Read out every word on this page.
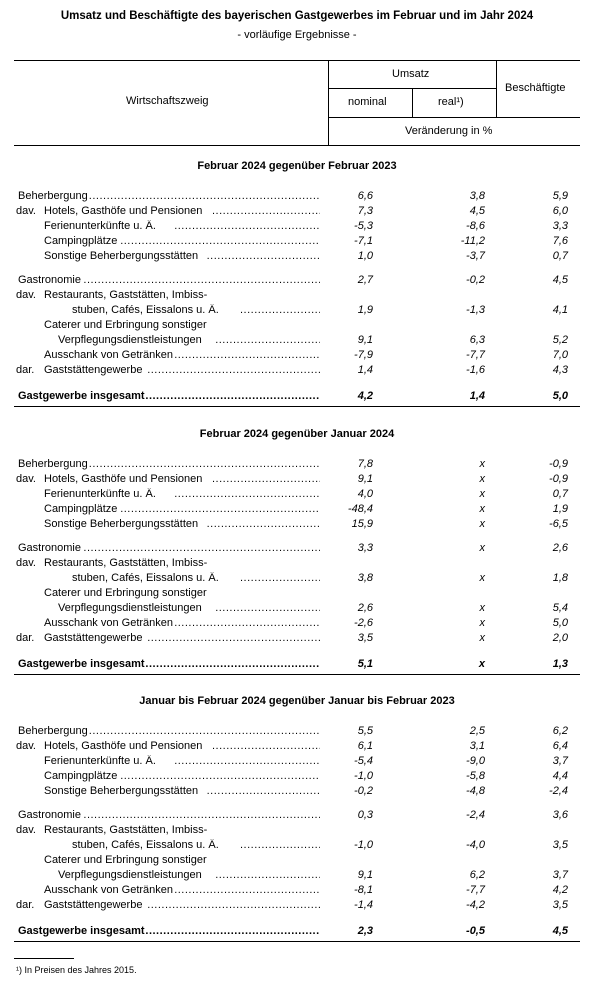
Umsatz und Beschäftigte des bayerischen Gastgewerbes im Februar und im Jahr 2024
- vorläufige Ergebnisse -
Wirtschaftszweig
Umsatz
nominal	real¹)
Beschäftigte
Veränderung in %
Februar 2024 gegenüber Februar 2023
Beherbergung .....	6,6	3,8	5,9
dav. Hotels, Gasthöfe und Pensionen .....	7,3	4,5	6,0
Ferienunterkünfte u. Ä. .....	-5,3	-8,6	3,3
Campingplätze .....	-7,1	-11,2	7,6
Sonstige Beherbergungsstätten .....	1,0	-3,7	0,7
Gastronomie .....	2,7	-0,2	4,5
dav. Restaurants, Gaststätten, Imbiss-
stuben, Cafés, Eissalons u. Ä. .....	1,9	-1,3	4,1
Caterer und Erbringung sonstiger
Verpflegungsdienstleistungen .....	9,1	6,3	5,2
Ausschank von Getränken .....	-7,9	-7,7	7,0
dar. Gaststättengewerbe .....	1,4	-1,6	4,3
Gastgewerbe insgesamt .....	4,2	1,4	5,0
Februar 2024 gegenüber Januar 2024
Beherbergung .....	7,8	x	-0,9
dav. Hotels, Gasthöfe und Pensionen .....	9,1	x	-0,9
Ferienunterkünfte u. Ä. .....	4,0	x	0,7
Campingplätze .....	-48,4	x	1,9
Sonstige Beherbergungsstätten .....	15,9	x	-6,5
Gastronomie .....	3,3	x	2,6
dav. Restaurants, Gaststätten, Imbiss-
stuben, Cafés, Eissalons u. Ä. .....	3,8	x	1,8
Caterer und Erbringung sonstiger
Verpflegungsdienstleistungen .....	2,6	x	5,4
Ausschank von Getränken .....	-2,6	x	5,0
dar. Gaststättengewerbe .....	3,5	x	2,0
Gastgewerbe insgesamt .....	5,1	x	1,3
Januar bis Februar 2024 gegenüber Januar bis Februar 2023
Beherbergung .....	5,5	2,5	6,2
dav. Hotels, Gasthöfe und Pensionen .....	6,1	3,1	6,4
Ferienunterkünfte u. Ä. .....	-5,4	-9,0	3,7
Campingplätze .....	-1,0	-5,8	4,4
Sonstige Beherbergungsstätten .....	-0,2	-4,8	-2,4
Gastronomie .....	0,3	-2,4	3,6
dav. Restaurants, Gaststätten, Imbiss-
stuben, Cafés, Eissalons u. Ä. .....	-1,0	-4,0	3,5
Caterer und Erbringung sonstiger
Verpflegungsdienstleistungen .....	9,1	6,2	3,7
Ausschank von Getränken .....	-8,1	-7,7	4,2
dar. Gaststättengewerbe .....	-1,4	-4,2	3,5
Gastgewerbe insgesamt .....	2,3	-0,5	4,5
¹) In Preisen des Jahres 2015.
